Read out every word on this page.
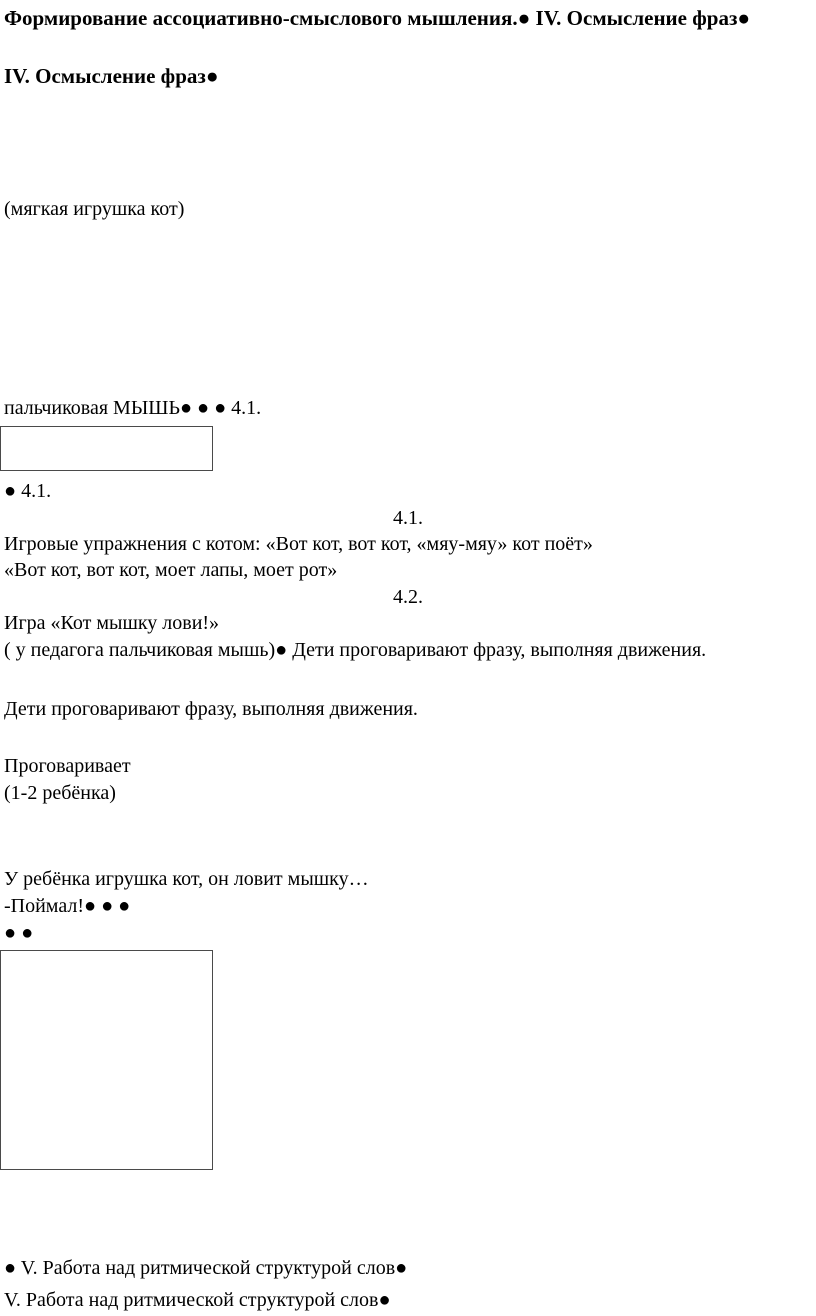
Формирование ассоциативно-смыслового мышления.● IV. Осмысление фраз●
IV. Осмысление фраз●
(мягкая игрушка кот)
пальчиковая МЫШЬ● ● ● 4.1.
● 4.1.
4.1.
Игровые упражнения с котом: «Вот кот, вот кот, «мяу-мяу» кот поёт»
«Вот кот, вот кот, моет лапы, моет рот»
4.2.
Игра «Кот мышку лови!»
( у педагога пальчиковая мышь)● Дети проговаривают фразу, выполняя движения.
Дети проговаривают фразу, выполняя движения.
Проговаривает
(1-2 ребёнка)
У ребёнка игрушка кот, он ловит мышку…
-Поймал!● ● ●
● ●
● V. Работа над ритмической структурой слов●
V. Работа над ритмической структурой слов●
